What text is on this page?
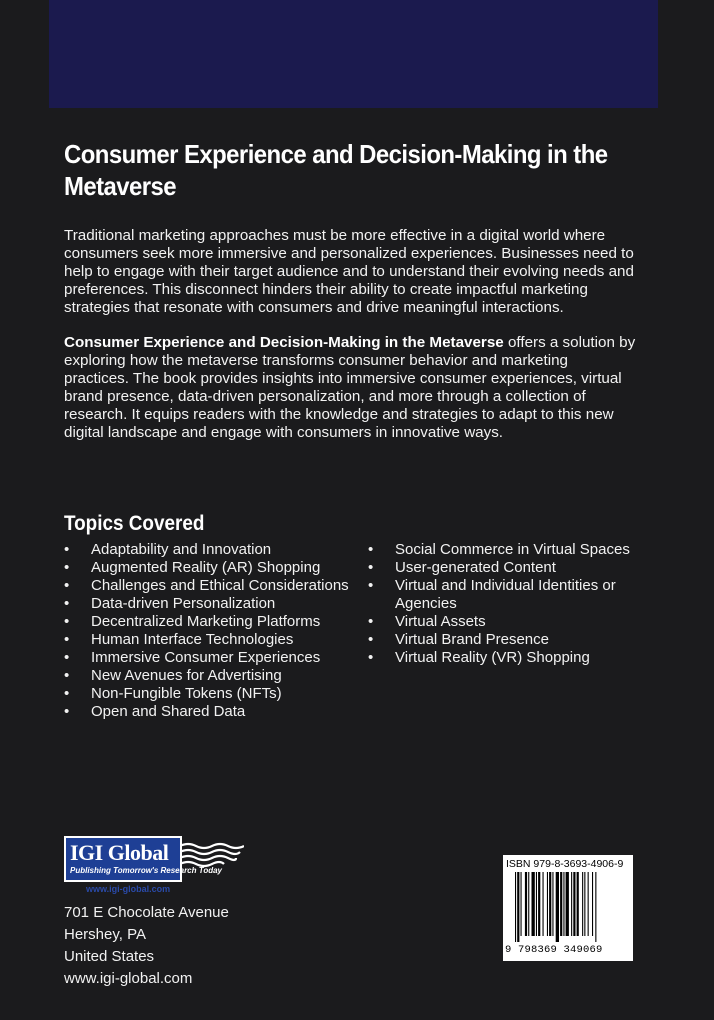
Consumer Experience and Decision-Making in the Metaverse

Traditional marketing approaches must be more effective in a digital world where consumers seek more immersive and personalized experiences. Businesses need to help to engage with their target audience and to understand their evolving needs and preferences. This disconnect hinders their ability to create impactful marketing strategies that resonate with consumers and drive meaningful interactions.

Consumer Experience and Decision-Making in the Metaverse offers a solution by exploring how the metaverse transforms consumer behavior and marketing practices. The book provides insights into immersive consumer experiences, virtual brand presence, data-driven personalization, and more through a collection of research. It equips readers with the knowledge and strategies to adapt to this new digital landscape and engage with consumers in innovative ways.

Topics Covered
• Adaptability and Innovation
• Augmented Reality (AR) Shopping
• Challenges and Ethical Considerations
• Data-driven Personalization
• Decentralized Marketing Platforms
• Human Interface Technologies
• Immersive Consumer Experiences
• New Avenues for Advertising
• Non-Fungible Tokens (NFTs)
• Open and Shared Data
• Social Commerce in Virtual Spaces
• User-generated Content
• Virtual and Individual Identities or Agencies
• Virtual Assets
• Virtual Brand Presence
• Virtual Reality (VR) Shopping
IGI Global
Publishing Tomorrow's Research Today
www.igi-global.com
701 E Chocolate Avenue
Hershey, PA
United States
www.igi-global.com
ISBN 979-8-3693-4906-9
9 798369 349069
